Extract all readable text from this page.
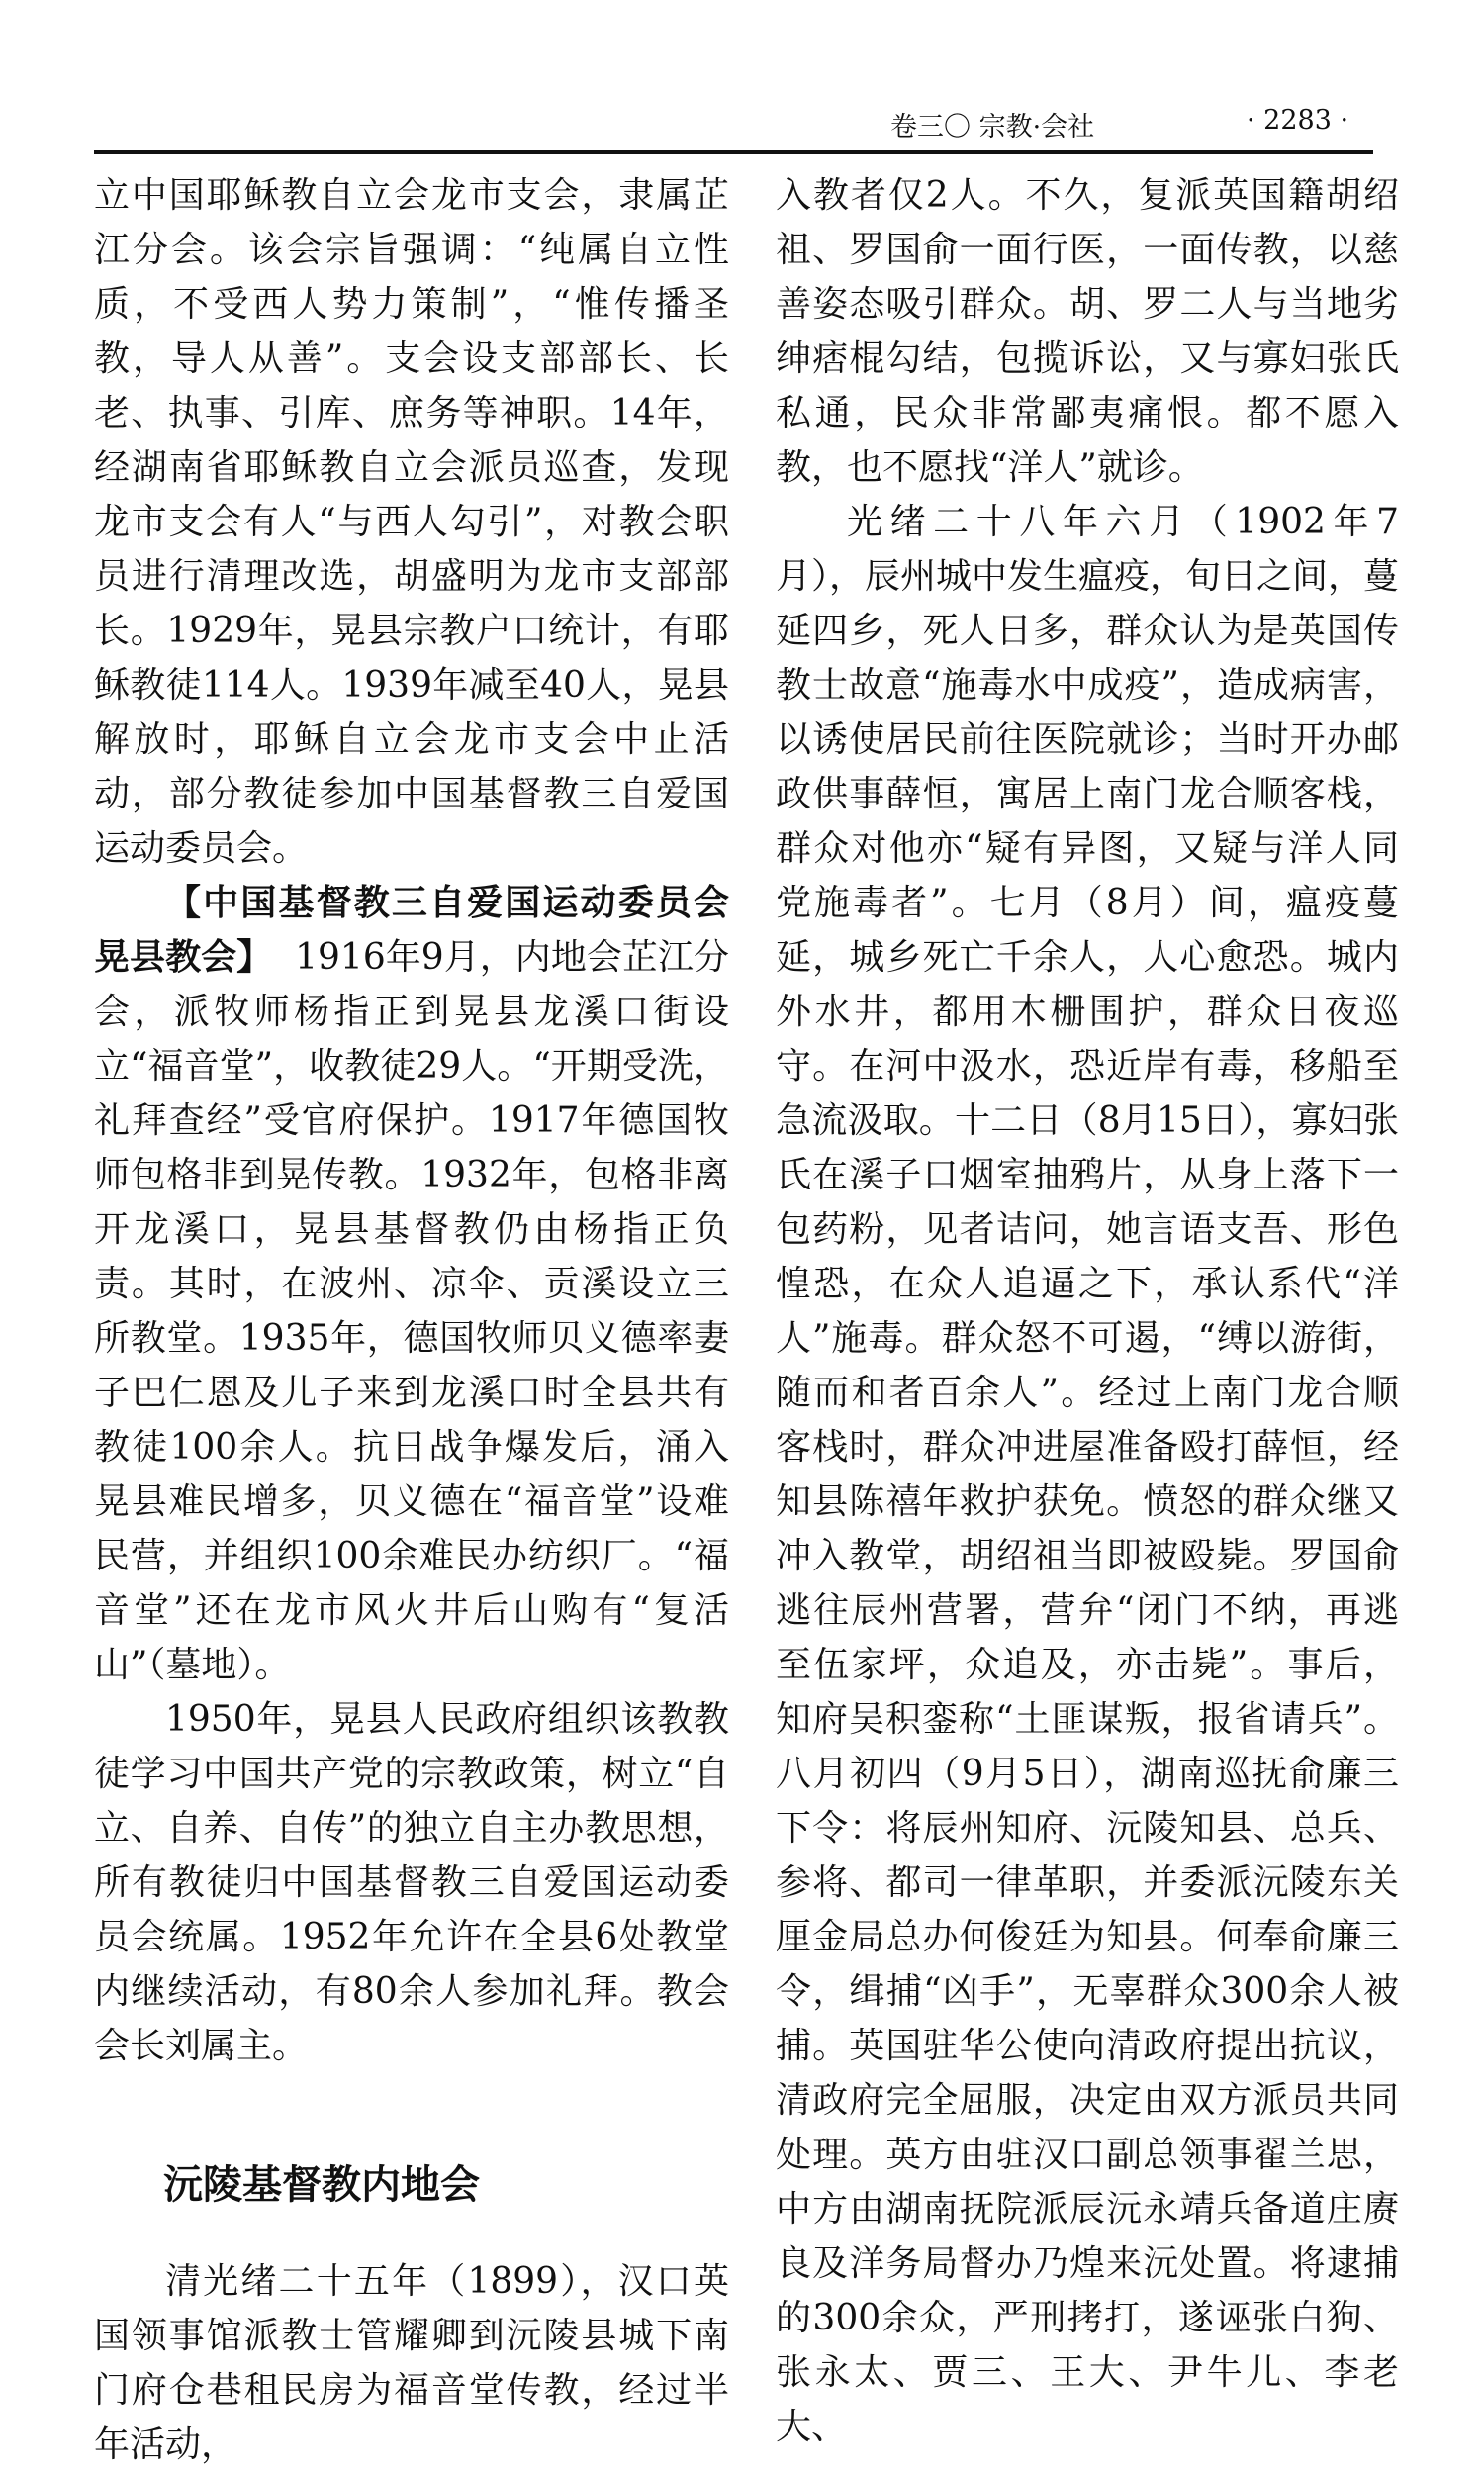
卷三〇 宗教·会社	· 2283 ·

立中国耶稣教自立会龙市支会，隶属芷江分会。该会宗旨强调：“纯属自立性质，不受西人势力策制”，“惟传播圣教，导人从善”。支会设支部部长、长老、执事、引库、庶务等神职。14年，经湖南省耶稣教自立会派员巡查，发现龙市支会有人“与西人勾引”，对教会职员进行清理改选，胡盛明为龙市支部部长。1929年，晃县宗教户口统计，有耶稣教徒114人。1939年减至40人，晃县解放时，耶稣自立会龙市支会中止活动，部分教徒参加中国基督教三自爱国运动委员会。

【中国基督教三自爱国运动委员会晃县教会】 1916年9月，内地会芷江分会，派牧师杨指正到晃县龙溪口街设立“福音堂”，收教徒29人。“开期受洗，礼拜查经”受官府保护。1917年德国牧师包格非到晃传教。1932年，包格非离开龙溪口，晃县基督教仍由杨指正负责。其时，在波州、凉伞、贡溪设立三所教堂。1935年，德国牧师贝义德率妻子巴仁恩及儿子来到龙溪口时全县共有教徒100余人。抗日战争爆发后，涌入晃县难民增多，贝义德在“福音堂”设难民营，并组织100余难民办纺织厂。“福音堂”还在龙市风火井后山购有“复活山”（墓地）。

1950年，晃县人民政府组织该教教徒学习中国共产党的宗教政策，树立“自立、自养、自传”的独立自主办教思想，所有教徒归中国基督教三自爱国运动委员会统属。1952年允许在全县6处教堂内继续活动，有80余人参加礼拜。教会会长刘属主。

沅陵基督教内地会

清光绪二十五年（1899），汉口英国领事馆派教士管耀卿到沅陵县城下南门府仓巷租民房为福音堂传教，经过半年活动，

入教者仅2人。不久，复派英国籍胡绍祖、罗国俞一面行医，一面传教，以慈善姿态吸引群众。胡、罗二人与当地劣绅痞棍勾结，包揽诉讼，又与寡妇张氏私通，民众非常鄙夷痛恨。都不愿入教，也不愿找“洋人”就诊。

光绪二十八年六月（1902年7月），辰州城中发生瘟疫，旬日之间，蔓延四乡，死人日多，群众认为是英国传教士故意“施毒水中成疫”，造成病害，以诱使居民前往医院就诊；当时开办邮政供事薛恒，寓居上南门龙合顺客栈，群众对他亦“疑有异图，又疑与洋人同党施毒者”。七月（8月）间，瘟疫蔓延，城乡死亡千余人，人心愈恐。城内外水井，都用木栅围护，群众日夜巡守。在河中汲水，恐近岸有毒，移船至急流汲取。十二日（8月15日），寡妇张氏在溪子口烟室抽鸦片，从身上落下一包药粉，见者诘问，她言语支吾、形色惶恐，在众人追逼之下，承认系代“洋人”施毒。群众怒不可遏，“缚以游街，随而和者百余人”。经过上南门龙合顺客栈时，群众冲进屋准备殴打薛恒，经知县陈禧年救护获免。愤怒的群众继又冲入教堂，胡绍祖当即被殴毙。罗国俞逃往辰州营署，营弁“闭门不纳，再逃至伍家坪，众追及，亦击毙”。事后，知府吴积銮称“土匪谋叛，报省请兵”。八月初四（9月5日），湖南巡抚俞廉三下令：将辰州知府、沅陵知县、总兵、参将、都司一律革职，并委派沅陵东关厘金局总办何俊廷为知县。何奉俞廉三令，缉捕“凶手”，无辜群众300余人被捕。英国驻华公使向清政府提出抗议，清政府完全屈服，决定由双方派员共同处理。英方由驻汉口副总领事翟兰思，中方由湖南抚院派辰沅永靖兵备道庄赓良及洋务局督办乃煌来沅处置。将逮捕的300余众，严刑拷打，遂诬张白狗、张永太、贾三、王大、尹牛儿、李老大、
